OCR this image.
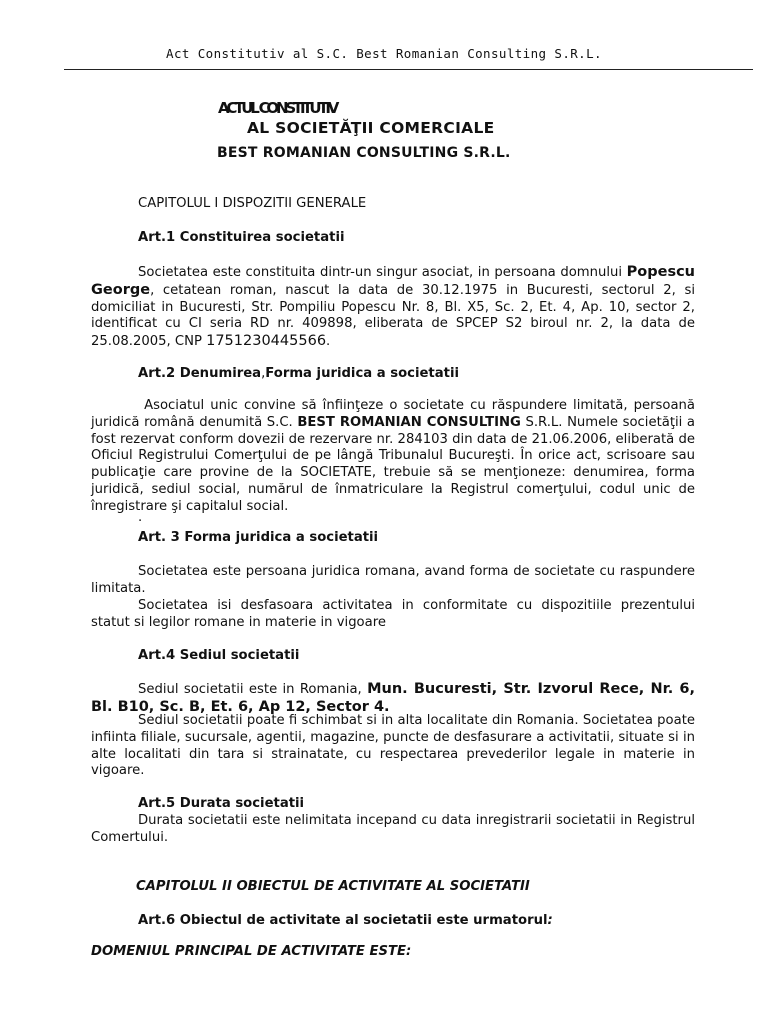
Act Constitutiv al S.C. Best Romanian Consulting S.R.L.
ACTUL CONSTITUTIV
AL SOCIETĂŢII COMERCIALE
BEST ROMANIAN CONSULTING S.R.L.
CAPITOLUL I DISPOZITII GENERALE
Art.1 Constituirea societatii
Societatea este constituita dintr-un singur asociat, in persoana domnului Popescu George, cetatean roman, nascut la data de 30.12.1975 in Bucuresti, sectorul 2, si domiciliat in Bucuresti, Str. Pompiliu Popescu Nr. 8, Bl. X5, Sc. 2, Et. 4, Ap. 10, sector 2, identificat cu CI seria RD nr. 409898, eliberata de SPCEP S2 biroul nr. 2, la data de 25.08.2005, CNP 1751230445566.
Art.2 Denumirea,Forma juridica a societatii
Asociatul unic convine să înfiinţeze o societate cu răspundere limitată, persoană juridică română denumită S.C. BEST ROMANIAN CONSULTING S.R.L. Numele societăţii a fost rezervat conform dovezii de rezervare nr. 284103 din data de 21.06.2006, eliberată de Oficiul Registrului Comerţului de pe lângă Tribunalul Bucureşti. În orice act, scrisoare sau publicaţie care provine de la SOCIETATE, trebuie să se menţioneze: denumirea, forma juridică, sediul social, numărul de înmatriculare la Registrul comerţului, codul unic de înregistrare şi capitalul social.
.
Art. 3 Forma juridica a societatii
Societatea este persoana juridica romana, avand forma de societate cu raspundere limitata.
Societatea isi desfasoara activitatea in conformitate cu dispozitiile prezentului statut si legilor romane in materie in vigoare
Art.4 Sediul societatii
Sediul societatii este in Romania, Mun. Bucuresti, Str. Izvorul Rece, Nr. 6, Bl. B10, Sc. B, Et. 6, Ap 12, Sector 4.
Sediul societatii poate fi schimbat si in alta localitate din Romania. Societatea poate infiinta filiale, sucursale, agentii, magazine, puncte de desfasurare a activitatii, situate si in alte localitati din tara si strainatate, cu respectarea prevederilor legale in materie in vigoare.
Art.5 Durata societatii
Durata societatii este nelimitata incepand cu data inregistrarii societatii in Registrul Comertului.
CAPITOLUL II OBIECTUL DE ACTIVITATE AL SOCIETATII
Art.6 Obiectul de activitate al societatii este urmatorul:
DOMENIUL PRINCIPAL DE ACTIVITATE ESTE:
